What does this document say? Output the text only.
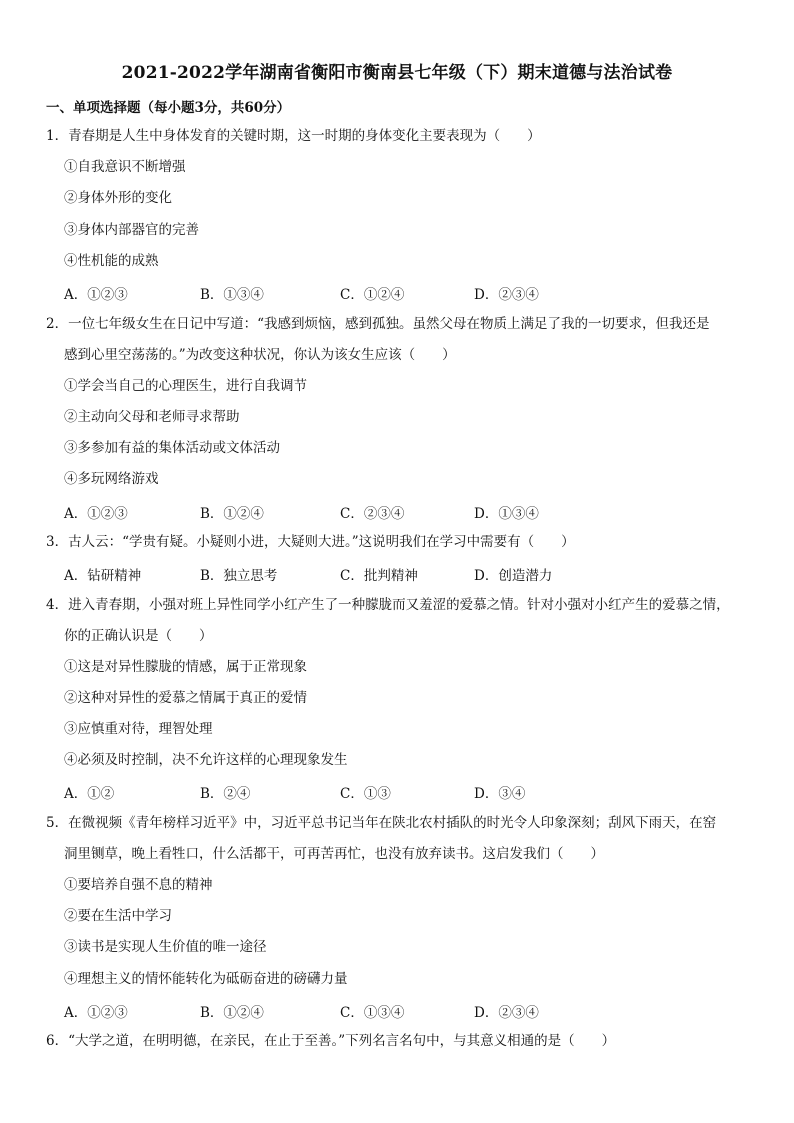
2021-2022学年湖南省衡阳市衡南县七年级（下）期末道德与法治试卷
一、单项选择题（每小题3分，共60分）
1．青春期是人生中身体发育的关键时期，这一时期的身体变化主要表现为（　　）
①自我意识不断增强
②身体外形的变化
③身体内部器官的完善
④性机能的成熟
A．①②③	B．①③④	C．①②④	D．②③④
2．一位七年级女生在日记中写道：“我感到烦恼，感到孤独。虽然父母在物质上满足了我的一切要求，但我还是
感到心里空荡荡的。”为改变这种状况，你认为该女生应该（　　）
①学会当自己的心理医生，进行自我调节
②主动向父母和老师寻求帮助
③多参加有益的集体活动或文体活动
④多玩网络游戏
A．①②③	B．①②④	C．②③④	D．①③④
3．古人云：“学贵有疑。小疑则小进，大疑则大进。”这说明我们在学习中需要有（　　）
A．钻研精神	B．独立思考	C．批判精神	D．创造潜力
4．进入青春期，小强对班上异性同学小红产生了一种朦胧而又羞涩的爱慕之情。针对小强对小红产生的爱慕之情，
你的正确认识是（　　）
①这是对异性朦胧的情感，属于正常现象
②这种对异性的爱慕之情属于真正的爱情
③应慎重对待，理智处理
④必须及时控制，决不允许这样的心理现象发生
A．①②	B．②④	C．①③	D．③④
5．在微视频《青年榜样习近平》中，习近平总书记当年在陕北农村插队的时光令人印象深刻；刮风下雨天，在窑
洞里铡草，晚上看牲口，什么活都干，可再苦再忙，也没有放弃读书。这启发我们（　　）
①要培养自强不息的精神
②要在生活中学习
③读书是实现人生价值的唯一途径
④理想主义的情怀能转化为砥砺奋进的磅礴力量
A．①②③	B．①②④	C．①③④	D．②③④
6．“大学之道，在明明德，在亲民，在止于至善。”下列名言名句中，与其意义相通的是（　　）
